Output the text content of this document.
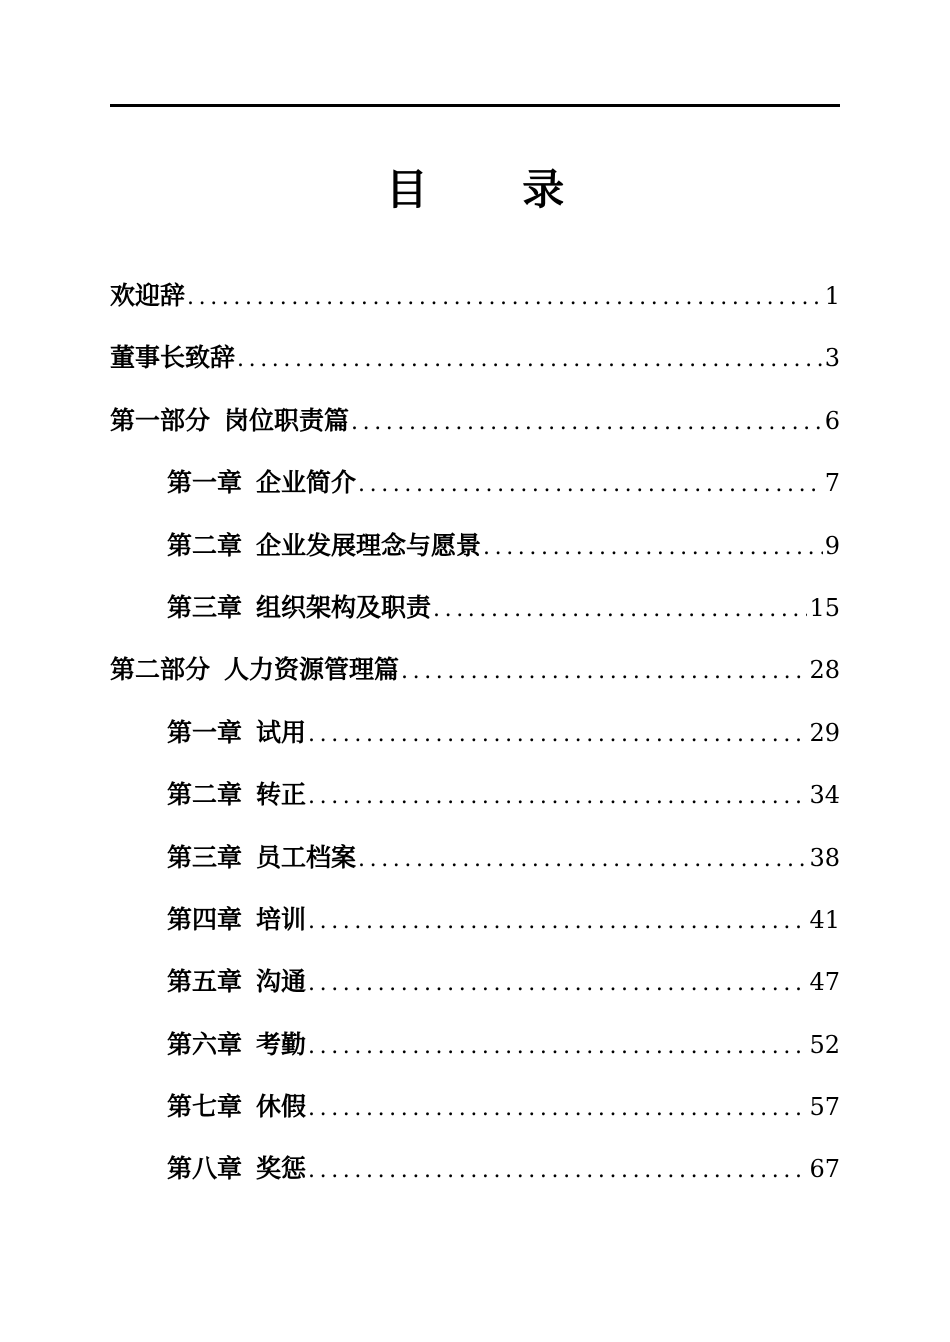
目 录
欢迎辞 .....	1
董事长致辞 .....	3
第一部分 岗位职责篇 .....	6
第一章 企业简介 .....	7
第二章 企业发展理念与愿景 .....	9
第三章 组织架构及职责 .....	15
第二部分 人力资源管理篇 .....	28
第一章 试用 .....	29
第二章 转正 .....	34
第三章 员工档案 .....	38
第四章 培训 .....	41
第五章 沟通 .....	47
第六章 考勤 .....	52
第七章 休假 .....	57
第八章 奖惩 .....	67
